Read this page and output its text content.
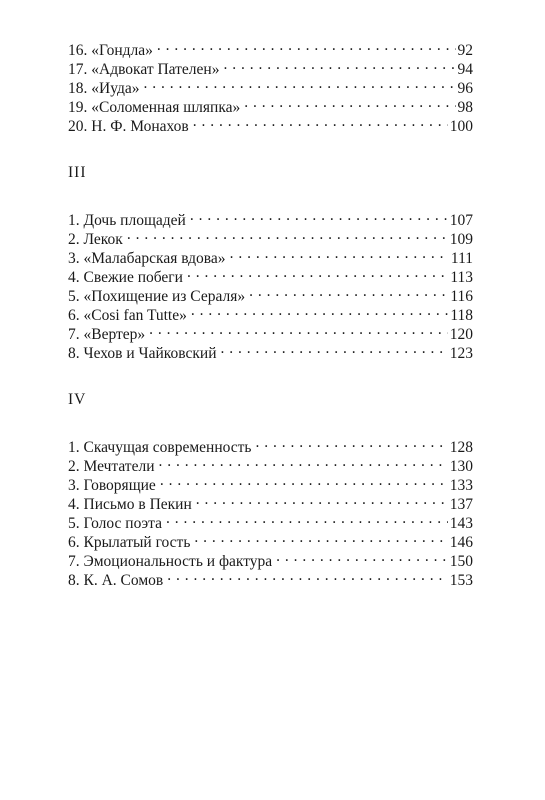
16. «Гондла» . . .	92
17. «Адвокат Пателен» . . .	94
18. «Иуда» . . .	96
19. «Соломенная шляпка» . . .	98
20. Н. Ф. Монахов . . .	100
III
1. Дочь площадей . . .	107
2. Лекок . . .	109
3. «Малабарская вдова» . . .	111
4. Свежие побеги . . .	113
5. «Похищение из Сераля» . . .	116
6. «Cosi fan Tutte» . . .	118
7. «Вертер» . . .	120
8. Чехов и Чайковский . . .	123
IV
1. Скачущая современность . . .	128
2. Мечтатели . . .	130
3. Говорящие . . .	133
4. Письмо в Пекин . . .	137
5. Голос поэта . . .	143
6. Крылатый гость . . .	146
7. Эмоциональность и фактура . . .	150
8. К. А. Сомов . . .	153
